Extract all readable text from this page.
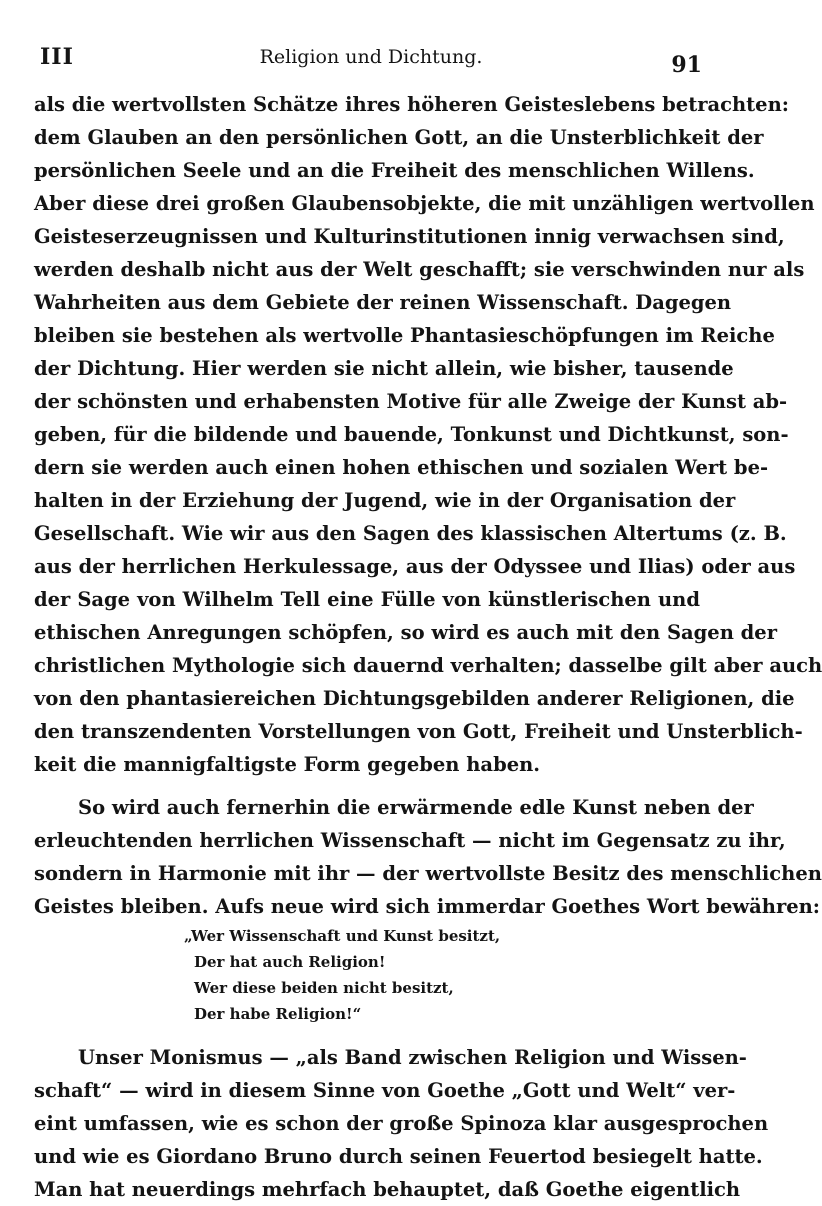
III	Religion und Dichtung.	91
als die wertvollsten Schätze ihres höheren Geisteslebens betrachten:
dem Glauben an den persönlichen Gott, an die Unsterblichkeit der
persönlichen Seele und an die Freiheit des menschlichen Willens.
Aber diese drei großen Glaubensobjekte, die mit unzähligen wertvollen
Geisteserzeugnissen und Kulturinstitutionen innig verwachsen sind,
werden deshalb nicht aus der Welt geschafft; sie verschwinden nur als
Wahrheiten aus dem Gebiete der reinen Wissenschaft. Dagegen
bleiben sie bestehen als wertvolle Phantasieschöpfungen im Reiche
der Dichtung. Hier werden sie nicht allein, wie bisher, tausende
der schönsten und erhabensten Motive für alle Zweige der Kunst ab-
geben, für die bildende und bauende, Tonkunst und Dichtkunst, son-
dern sie werden auch einen hohen ethischen und sozialen Wert be-
halten in der Erziehung der Jugend, wie in der Organisation der
Gesellschaft. Wie wir aus den Sagen des klassischen Altertums (z. B.
aus der herrlichen Herkulessage, aus der Odyssee und Ilias) oder aus
der Sage von Wilhelm Tell eine Fülle von künstlerischen und
ethischen Anregungen schöpfen, so wird es auch mit den Sagen der
christlichen Mythologie sich dauernd verhalten; dasselbe gilt aber auch
von den phantasiereichen Dichtungsgebilden anderer Religionen, die
den transzendenten Vorstellungen von Gott, Freiheit und Unsterblich-
keit die mannigfaltigste Form gegeben haben.
So wird auch fernerhin die erwärmende edle Kunst neben der
erleuchtenden herrlichen Wissenschaft — nicht im Gegensatz zu ihr,
sondern in Harmonie mit ihr — der wertvollste Besitz des menschlichen
Geistes bleiben. Aufs neue wird sich immerdar Goethes Wort bewähren:
„Wer Wissenschaft und Kunst besitzt,
Der hat auch Religion!
Wer diese beiden nicht besitzt,
Der habe Religion!“
Unser Monismus — „als Band zwischen Religion und Wissen-
schaft“ — wird in diesem Sinne von Goethe „Gott und Welt“ ver-
eint umfassen, wie es schon der große Spinoza klar ausgesprochen
und wie es Giordano Bruno durch seinen Feuertod besiegelt hatte.
Man hat neuerdings mehrfach behauptet, daß Goethe eigentlich
